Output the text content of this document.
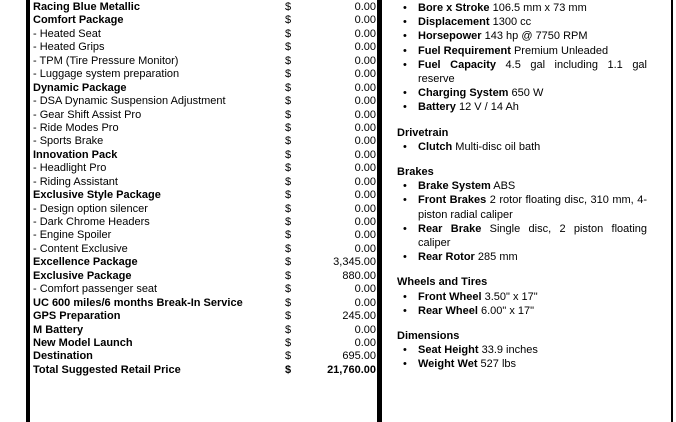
Racing Blue Metallic	$	0.00
Comfort Package	$	0.00
- Heated Seat	$	0.00
- Heated Grips	$	0.00
- TPM (Tire Pressure Monitor)	$	0.00
- Luggage system preparation	$	0.00
Dynamic Package	$	0.00
- DSA Dynamic Suspension Adjustment	$	0.00
- Gear Shift Assist Pro	$	0.00
- Ride Modes Pro	$	0.00
- Sports Brake	$	0.00
Innovation Pack	$	0.00
- Headlight Pro	$	0.00
- Riding Assistant	$	0.00
Exclusive Style Package	$	0.00
- Design option silencer	$	0.00
- Dark Chrome Headers	$	0.00
- Engine Spoiler	$	0.00
- Content Exclusive	$	0.00
Excellence Package	$	3,345.00
Exclusive Package	$	880.00
- Comfort passenger seat	$	0.00
UC 600 miles/6 months Break-In Service	$	0.00
GPS Preparation	$	245.00
M Battery	$	0.00
New Model Launch	$	0.00
Destination	$	695.00
Total Suggested Retail Price	$	21,760.00
• Bore x Stroke 106.5 mm x 73 mm
• Displacement 1300 cc
• Horsepower 143 hp @ 7750 RPM
• Fuel Requirement Premium Unleaded
• Fuel Capacity 4.5 gal including 1.1 gal reserve
• Charging System 650 W
• Battery 12 V / 14 Ah
Drivetrain
• Clutch Multi-disc oil bath
Brakes
• Brake System ABS
• Front Brakes 2 rotor floating disc, 310 mm, 4-piston radial caliper
• Rear Brake Single disc, 2 piston floating caliper
• Rear Rotor 285 mm
Wheels and Tires
• Front Wheel 3.50" x 17"
• Rear Wheel 6.00" x 17"
Dimensions
• Seat Height 33.9 inches
• Weight Wet 527 lbs
